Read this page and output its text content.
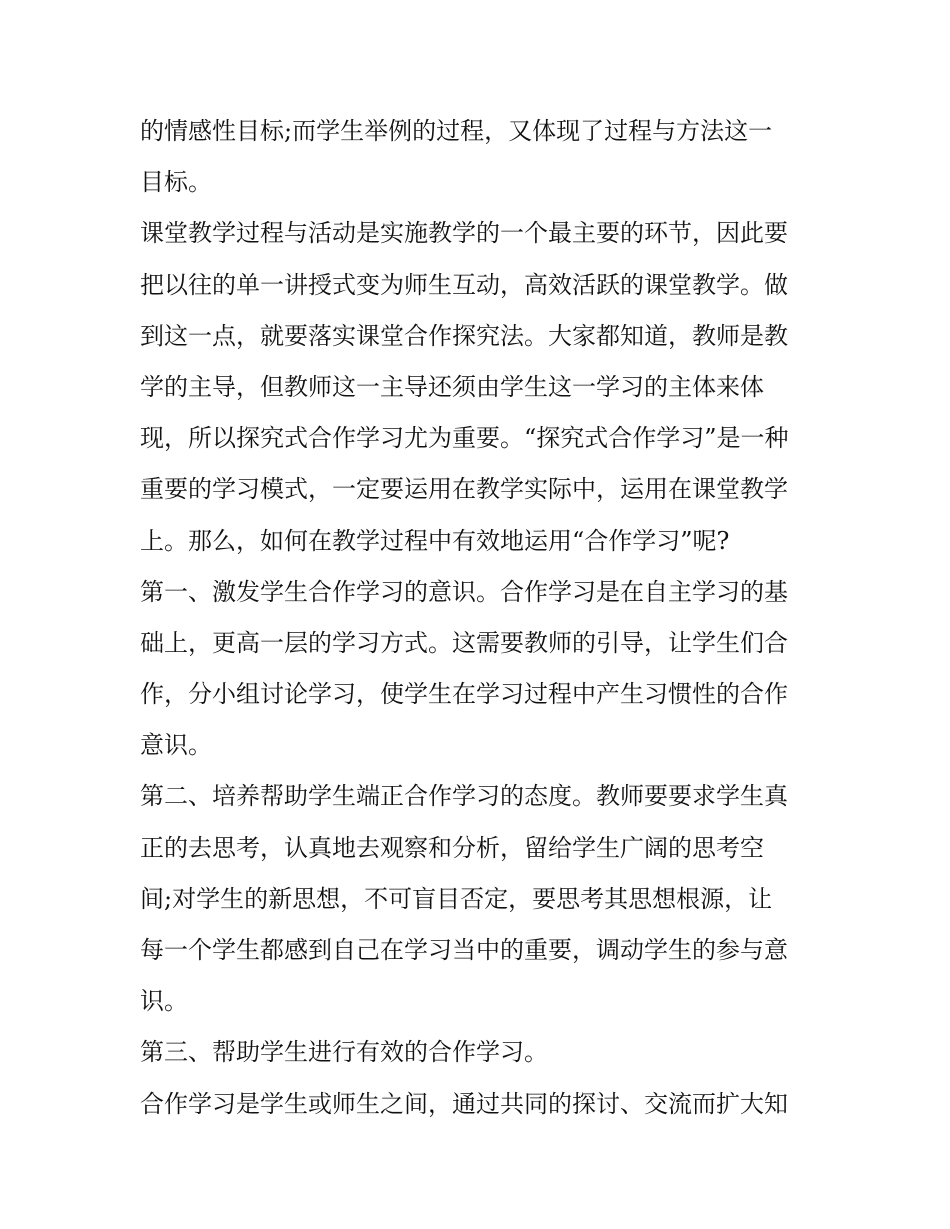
的情感性目标;而学生举例的过程，又体现了过程与方法这一
目标。
课堂教学过程与活动是实施教学的一个最主要的环节，因此要
把以往的单一讲授式变为师生互动，高效活跃的课堂教学。做
到这一点，就要落实课堂合作探究法。大家都知道，教师是教
学的主导，但教师这一主导还须由学生这一学习的主体来体
现，所以探究式合作学习尤为重要。“探究式合作学习”是一种
重要的学习模式，一定要运用在教学实际中，运用在课堂教学
上。那么，如何在教学过程中有效地运用“合作学习”呢?
第一、激发学生合作学习的意识。合作学习是在自主学习的基
础上，更高一层的学习方式。这需要教师的引导，让学生们合
作，分小组讨论学习，使学生在学习过程中产生习惯性的合作
意识。
第二、培养帮助学生端正合作学习的态度。教师要要求学生真
正的去思考，认真地去观察和分析，留给学生广阔的思考空
间;对学生的新思想，不可盲目否定，要思考其思想根源，让
每一个学生都感到自己在学习当中的重要，调动学生的参与意
识。
第三、帮助学生进行有效的合作学习。
合作学习是学生或师生之间，通过共同的探讨、交流而扩大知
